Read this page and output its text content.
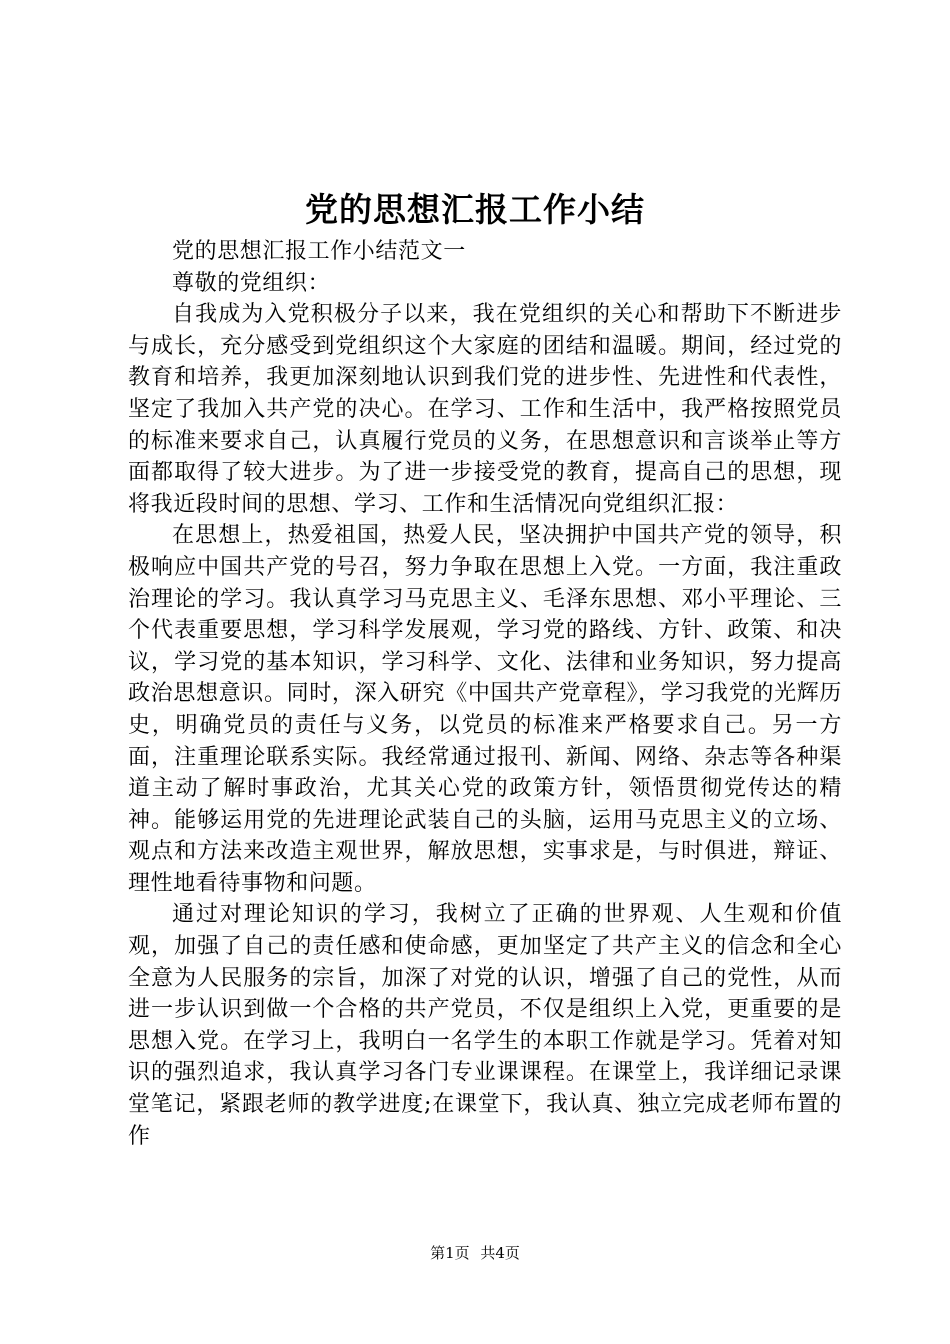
党的思想汇报工作小结

党的思想汇报工作小结范文一

尊敬的党组织：

自我成为入党积极分子以来，我在党组织的关心和帮助下不断进步与成长，充分感受到党组织这个大家庭的团结和温暖。期间，经过党的教育和培养，我更加深刻地认识到我们党的进步性、先进性和代表性，坚定了我加入共产党的决心。在学习、工作和生活中，我严格按照党员的标准来要求自己，认真履行党员的义务，在思想意识和言谈举止等方面都取得了较大进步。为了进一步接受党的教育，提高自己的思想，现将我近段时间的思想、学习、工作和生活情况向党组织汇报：

在思想上，热爱祖国，热爱人民，坚决拥护中国共产党的领导，积极响应中国共产党的号召，努力争取在思想上入党。一方面，我注重政治理论的学习。我认真学习马克思主义、毛泽东思想、邓小平理论、三个代表重要思想，学习科学发展观，学习党的路线、方针、政策、和决议，学习党的基本知识，学习科学、文化、法律和业务知识，努力提高政治思想意识。同时，深入研究《中国共产党章程》，学习我党的光辉历史，明确党员的责任与义务，以党员的标准来严格要求自己。另一方面，注重理论联系实际。我经常通过报刊、新闻、网络、杂志等各种渠道主动了解时事政治，尤其关心党的政策方针，领悟贯彻党传达的精神。能够运用党的先进理论武装自己的头脑，运用马克思主义的立场、观点和方法来改造主观世界，解放思想，实事求是，与时俱进，辩证、理性地看待事物和问题。

通过对理论知识的学习，我树立了正确的世界观、人生观和价值观，加强了自己的责任感和使命感，更加坚定了共产主义的信念和全心全意为人民服务的宗旨，加深了对党的认识，增强了自己的党性，从而进一步认识到做一个合格的共产党员，不仅是组织上入党，更重要的是思想入党。在学习上，我明白一名学生的本职工作就是学习。凭着对知识的强烈追求，我认真学习各门专业课课程。在课堂上，我详细记录课堂笔记，紧跟老师的教学进度;在课堂下，我认真、独立完成老师布置的作

第1页 共4页
